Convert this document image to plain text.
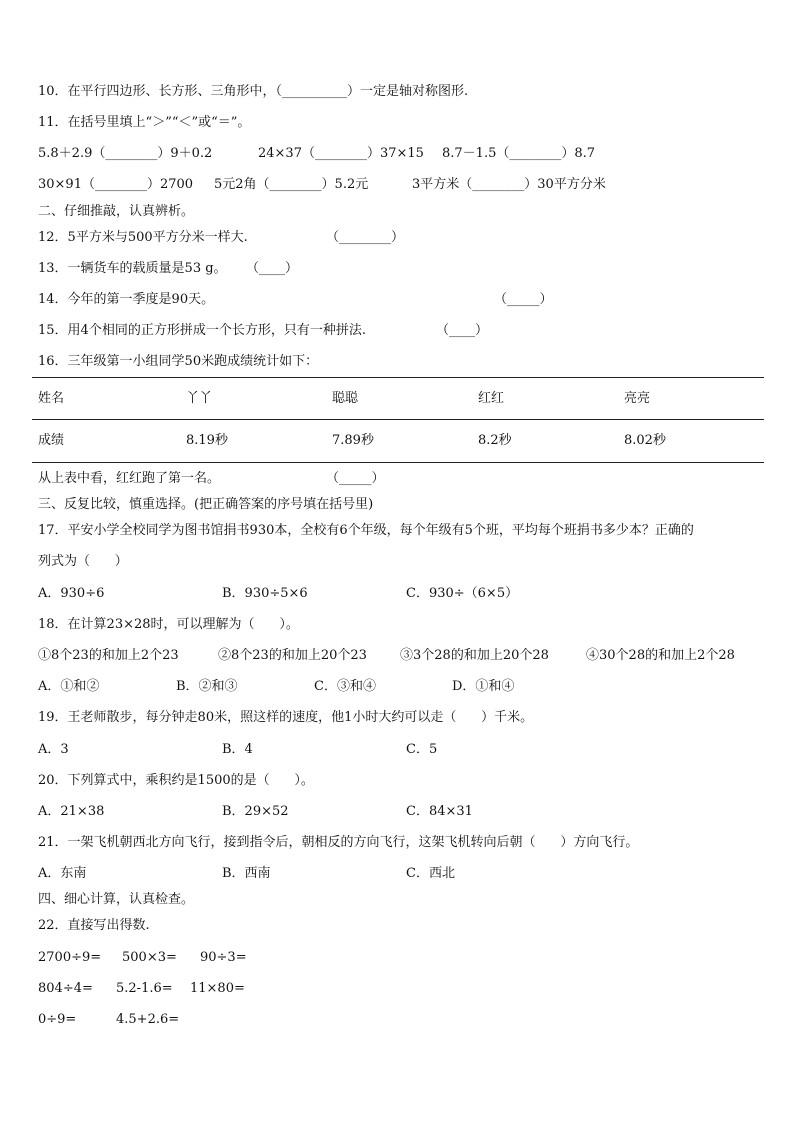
10．在平行四边形、长方形、三角形中，（__________）一定是轴对称图形.
11．在括号里填上“＞”“＜”或“＝”。
5.8＋2.9（________）9＋0.2	24×37（________）37×15 8.7－1.5（________）8.7
30×91（________）2700 5元2角（________）5.2元	3平方米（________）30平方分米
二、仔细推敲，认真辨析。
12．5平方米与500平方分米一样大.	（________）
13．一辆货车的载质量是53 g。 （____）
14．今年的第一季度是90天。	（_____）
15．用4个相同的正方形拼成一个长方形，只有一种拼法.	（____）
16．三年级第一小组同学50米跑成绩统计如下：
姓名	丫丫	聪聪	红红	亮亮
成绩	8.19秒	7.89秒	8.2秒	8.02秒
从上表中看，红红跑了第一名。	（_____）
三、反复比较，慎重选择。(把正确答案的序号填在括号里)
17．平安小学全校同学为图书馆捐书930本，全校有6个年级，每个年级有5个班，平均每个班捐书多少本？正确的
列式为（      ）
A．930÷6	B．930÷5×6	C．930÷（6×5）
18．在计算23×28时，可以理解为（      ）。
①8个23的和加上2个23	②8个23的和加上20个23	③3个28的和加上20个28	④30个28的和加上2个28
A．①和②	B．②和③	C．③和④	D．①和④
19．王老师散步，每分钟走80米，照这样的速度，他1小时大约可以走（      ）千米。
A．3	B．4	C．5
20．下列算式中，乘积约是1500的是（      ）。
A．21×38	B．29×52	C．84×31
21．一架飞机朝西北方向飞行，接到指令后，朝相反的方向飞行，这架飞机转向后朝（      ）方向飞行。
A．东南	B．西南	C．西北
四、细心计算，认真检查。
22．直接写出得数.
2700÷9= 500×3= 90÷3=
804÷4= 5.2-1.6= 11×80=
0÷9=	4.5+2.6=
